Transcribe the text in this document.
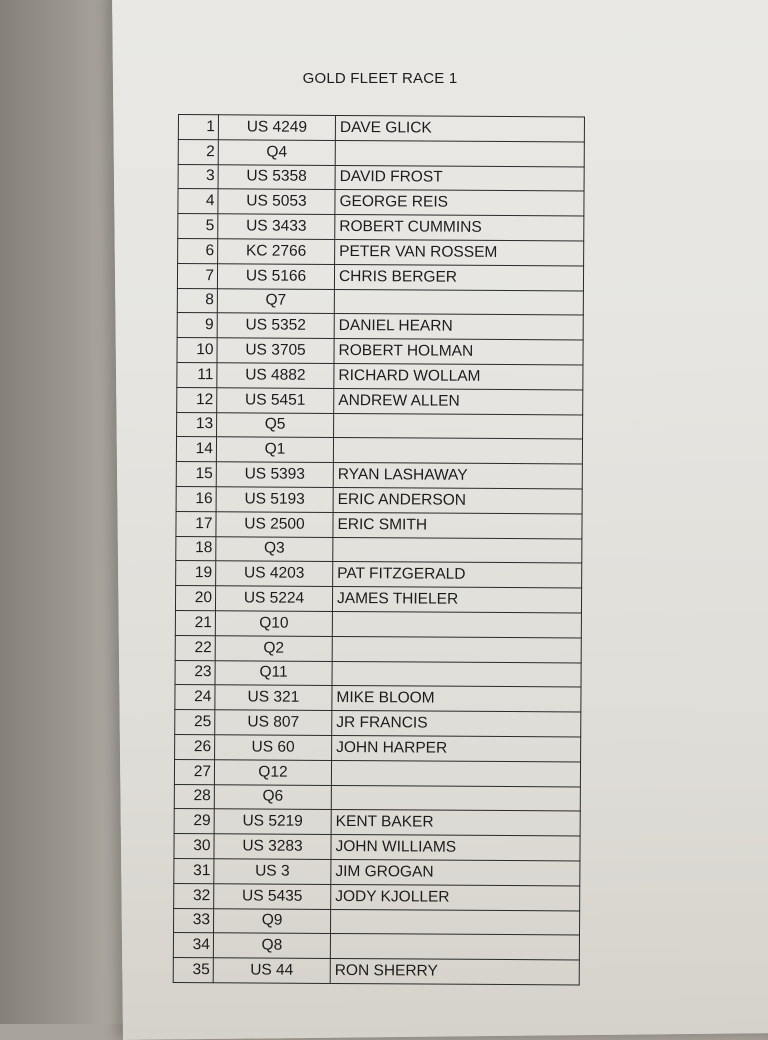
GOLD FLEET RACE 1
1	US 4249	DAVE GLICK
2	Q4	
3	US 5358	DAVID FROST
4	US 5053	GEORGE REIS
5	US 3433	ROBERT CUMMINS
6	KC 2766	PETER VAN ROSSEM
7	US 5166	CHRIS BERGER
8	Q7	
9	US 5352	DANIEL HEARN
10	US 3705	ROBERT HOLMAN
11	US 4882	RICHARD WOLLAM
12	US 5451	ANDREW ALLEN
13	Q5	
14	Q1	
15	US 5393	RYAN LASHAWAY
16	US 5193	ERIC ANDERSON
17	US 2500	ERIC SMITH
18	Q3	
19	US 4203	PAT FITZGERALD
20	US 5224	JAMES THIELER
21	Q10	
22	Q2	
23	Q11	
24	US 321	MIKE BLOOM
25	US 807	JR FRANCIS
26	US 60	JOHN HARPER
27	Q12	
28	Q6	
29	US 5219	KENT BAKER
30	US 3283	JOHN WILLIAMS
31	US 3	JIM GROGAN
32	US 5435	JODY KJOLLER
33	Q9	
34	Q8	
35	US 44	RON SHERRY
